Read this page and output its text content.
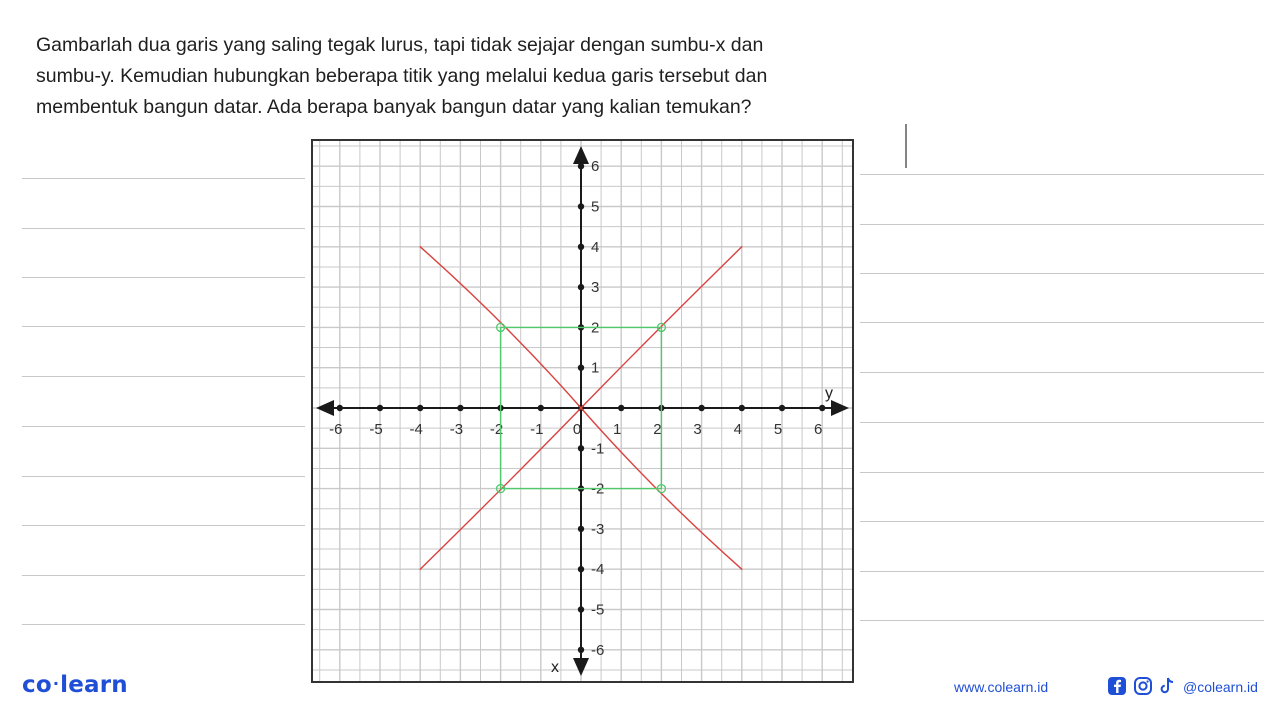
Gambarlah dua garis yang saling tegak lurus, tapi tidak sejajar dengan sumbu-x dan
sumbu-y. Kemudian hubungkan beberapa titik yang melalui kedua garis tersebut dan
membentuk bangun datar. Ada berapa banyak bangun datar yang kalian temukan?
-6 -5 -4 -3 -2 -1 0 1 2 3 4 5 6
6
5
4
3
2
1
-1
-2
-3
-4
-5
-6
y
x
co·learn	www.colearn.id	@colearn.id
